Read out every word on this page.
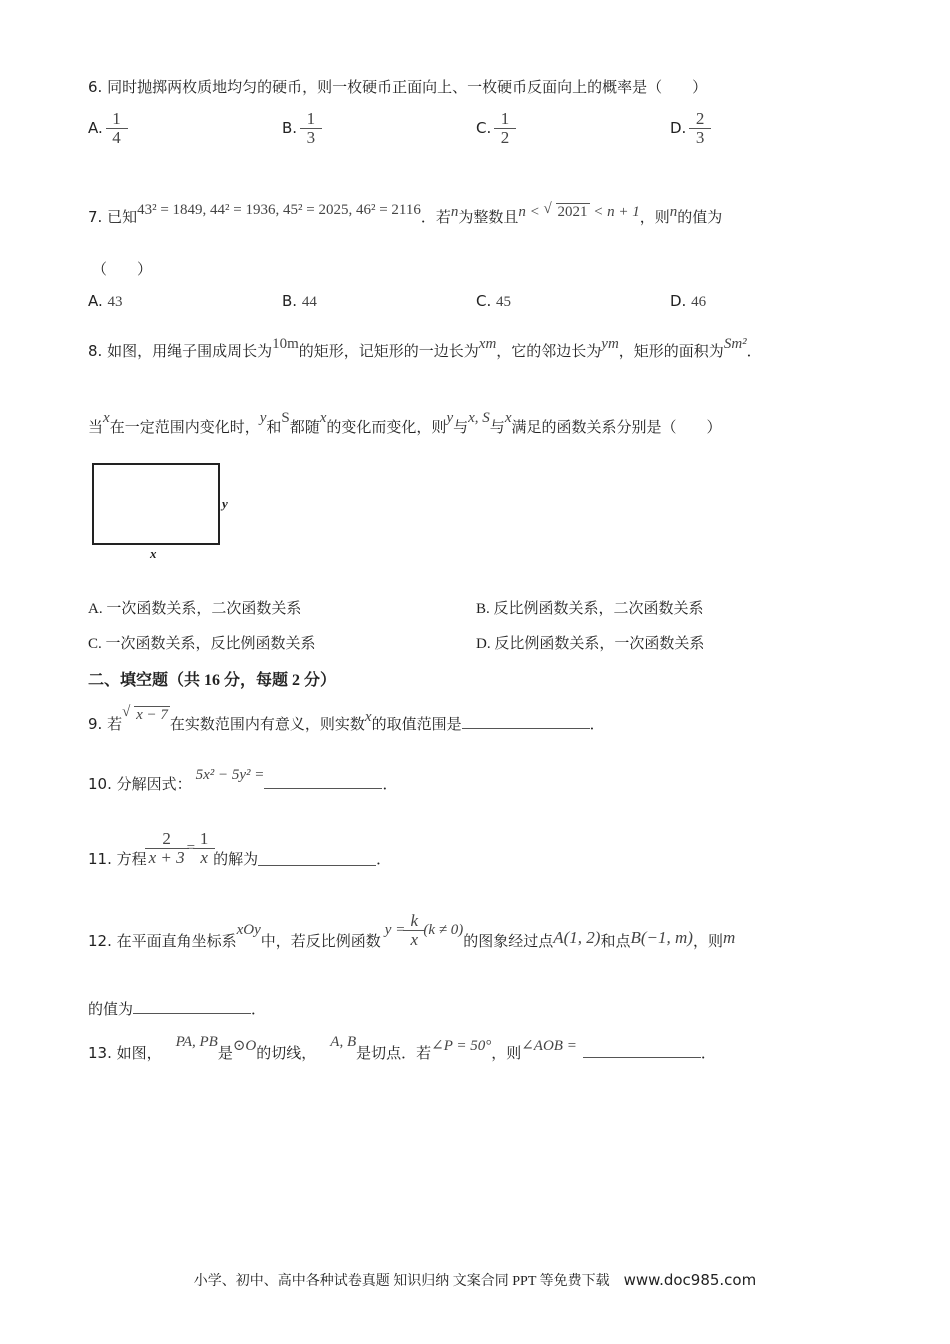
6. 同时抛掷两枚质地均匀的硬币，则一枚硬币正面向上、一枚硬币反面向上的概率是（　　）
A. $\frac{1}{4}$	B. $\frac{1}{3}$	C. $\frac{1}{2}$	D. $\frac{2}{3}$
7. 已知43² = 1849, 44² = 1936, 45² = 2025, 46² = 2116．若n为整数且n < √ 2021 < n + 1，则n的值为
（　　）
A. 43	B. 44	C. 45	D. 46
8. 如图，用绳子围成周长为10m的矩形，记矩形的一边长为xm，它的邻边长为ym，矩形的面积为Sm²．
当x在一定范围内变化时，y和S都随x的变化而变化，则y与x, S与x满足的函数关系分别是（　　）
y
x
A. 一次函数关系，二次函数关系	B. 反比例函数关系，二次函数关系
C. 一次函数关系，反比例函数关系	D. 反比例函数关系，一次函数关系
二、填空题（共 16 分，每题 2 分）
9. 若 √ x − 7 在实数范围内有意义，则实数x的取值范围是	．
10. 分解因式： 5x² − 5y² =	．
11. 方程 $\frac{2}{x + 3} = \frac{1}{x}$ 的解为	．
12. 在平面直角坐标系
xOy
中，若反比例函数
$y = \frac{k}{x} (k \ne 0)$
的图象经过点 A(1, 2) 和点 B(−1, m) ，则 m
的值为	．
13. 如图，PA, PB是⊙O的切线，A, B是切点．若∠P = 50°，则∠AOB =	．
小学、初中、高中各种试卷真题 知识归纳 文案合同 PPT 等免费下载 www.doc985.com
